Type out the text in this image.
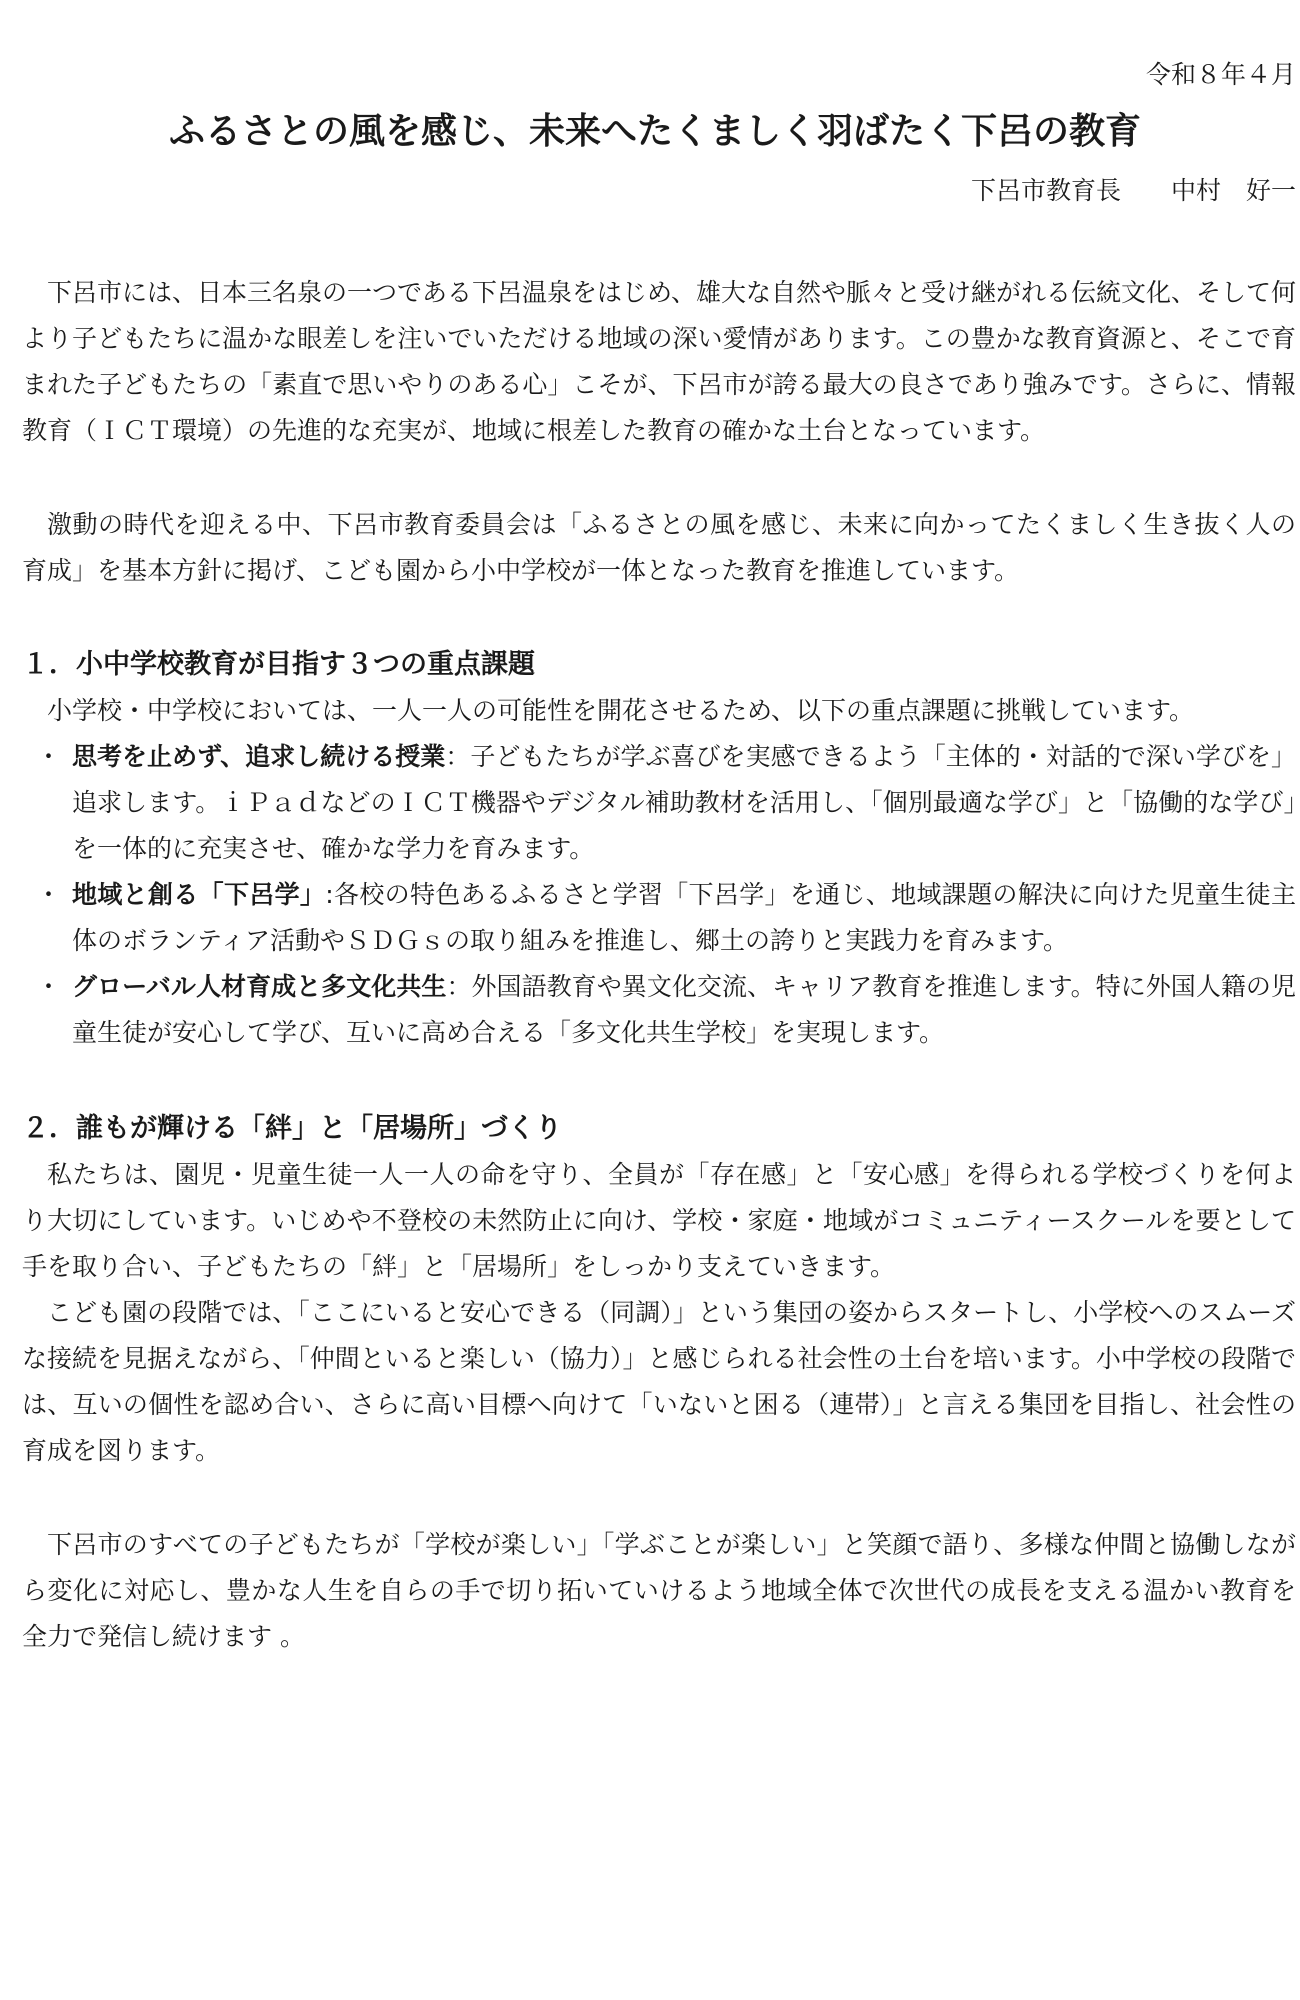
令和８年４月
ふるさとの風を感じ、未来へたくましく羽ばたく下呂の教育
下呂市教育長　　中村　好一
下呂市には、日本三名泉の一つである下呂温泉をはじめ、雄大な自然や脈々と受け継がれる伝統文化、そして何より子どもたちに温かな眼差しを注いでいただける地域の深い愛情があります。この豊かな教育資源と、そこで育まれた子どもたちの「素直で思いやりのある心」こそが、下呂市が誇る最大の良さであり強みです。さらに、情報教育（ＩＣＴ環境）の先進的な充実が、地域に根差した教育の確かな土台となっています。
激動の時代を迎える中、下呂市教育委員会は「ふるさとの風を感じ、未来に向かってたくましく生き抜く人の育成」を基本方針に掲げ、こども園から小中学校が一体となった教育を推進しています。
１．小中学校教育が目指す３つの重点課題
小学校・中学校においては、一人一人の可能性を開花させるため、以下の重点課題に挑戦しています。
・ 思考を止めず、追求し続ける授業：子どもたちが学ぶ喜びを実感できるよう「主体的・対話的で深い学びを」追求します。ｉＰａｄなどのＩＣＴ機器やデジタル補助教材を活用し、「個別最適な学び」と「協働的な学び」を一体的に充実させ、確かな学力を育みます。
・ 地域と創る「下呂学」:各校の特色あるふるさと学習「下呂学」を通じ、地域課題の解決に向けた児童生徒主体のボランティア活動やＳＤＧｓの取り組みを推進し、郷土の誇りと実践力を育みます。
・ グローバル人材育成と多文化共生：外国語教育や異文化交流、キャリア教育を推進します。特に外国人籍の児童生徒が安心して学び、互いに高め合える「多文化共生学校」を実現します。
２．誰もが輝ける「絆」と「居場所」づくり
私たちは、園児・児童生徒一人一人の命を守り、全員が「存在感」と「安心感」を得られる学校づくりを何より大切にしています。いじめや不登校の未然防止に向け、学校・家庭・地域がコミュニティースクールを要として手を取り合い、子どもたちの「絆」と「居場所」をしっかり支えていきます。
こども園の段階では、「ここにいると安心できる（同調）」という集団の姿からスタートし、小学校へのスムーズな接続を見据えながら、「仲間といると楽しい（協力）」と感じられる社会性の土台を培います。小中学校の段階では、互いの個性を認め合い、さらに高い目標へ向けて「いないと困る（連帯）」と言える集団を目指し、社会性の育成を図ります。
下呂市のすべての子どもたちが「学校が楽しい」「学ぶことが楽しい」と笑顔で語り、多様な仲間と協働しながら変化に対応し、豊かな人生を自らの手で切り拓いていけるよう地域全体で次世代の成長を支える温かい教育を全力で発信し続けます 。
